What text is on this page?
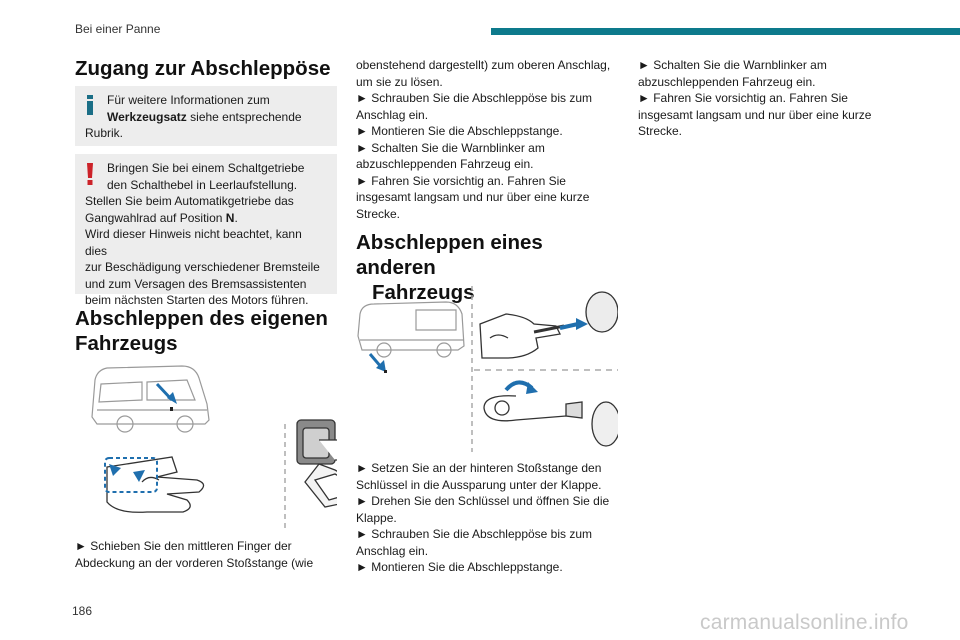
Bei einer Panne
Zugang zur Abschleppöse
Für weitere Informationen zum
Werkzeugsatz siehe entsprechende
Rubrik.
Bringen Sie bei einem Schaltgetriebe
den Schalthebel in Leerlaufstellung.
Stellen Sie beim Automatikgetriebe das
Gangwahlrad auf Position N.
Wird dieser Hinweis nicht beachtet, kann dies
zur Beschädigung verschiedener Bremsteile
und zum Versagen des Bremsassistenten
beim nächsten Starten des Motors führen.
Abschleppen des eigenen
Fahrzeugs

► Schieben Sie den mittleren Finger der

Abdeckung an der vorderen Stoßstange (wie

obenstehend dargestellt) zum oberen Anschlag,

um sie zu lösen.

► Schrauben Sie die Abschleppöse bis zum

Anschlag ein.

► Montieren Sie die Abschleppstange.

► Schalten Sie die Warnblinker am

abzuschleppenden Fahrzeug ein.

► Fahren Sie vorsichtig an. Fahren Sie

insgesamt langsam und nur über eine kurze

Strecke.

Abschleppen eines anderen
Fahrzeugs

► Setzen Sie an der hinteren Stoßstange den

Schlüssel in die Aussparung unter der Klappe.

► Drehen Sie den Schlüssel und öffnen Sie die

Klappe.

► Schrauben Sie die Abschleppöse bis zum

Anschlag ein.

► Montieren Sie die Abschleppstange.

► Schalten Sie die Warnblinker am

abzuschleppenden Fahrzeug ein.

► Fahren Sie vorsichtig an. Fahren Sie

insgesamt langsam und nur über eine kurze

Strecke.

186	carmanualsonline.info
